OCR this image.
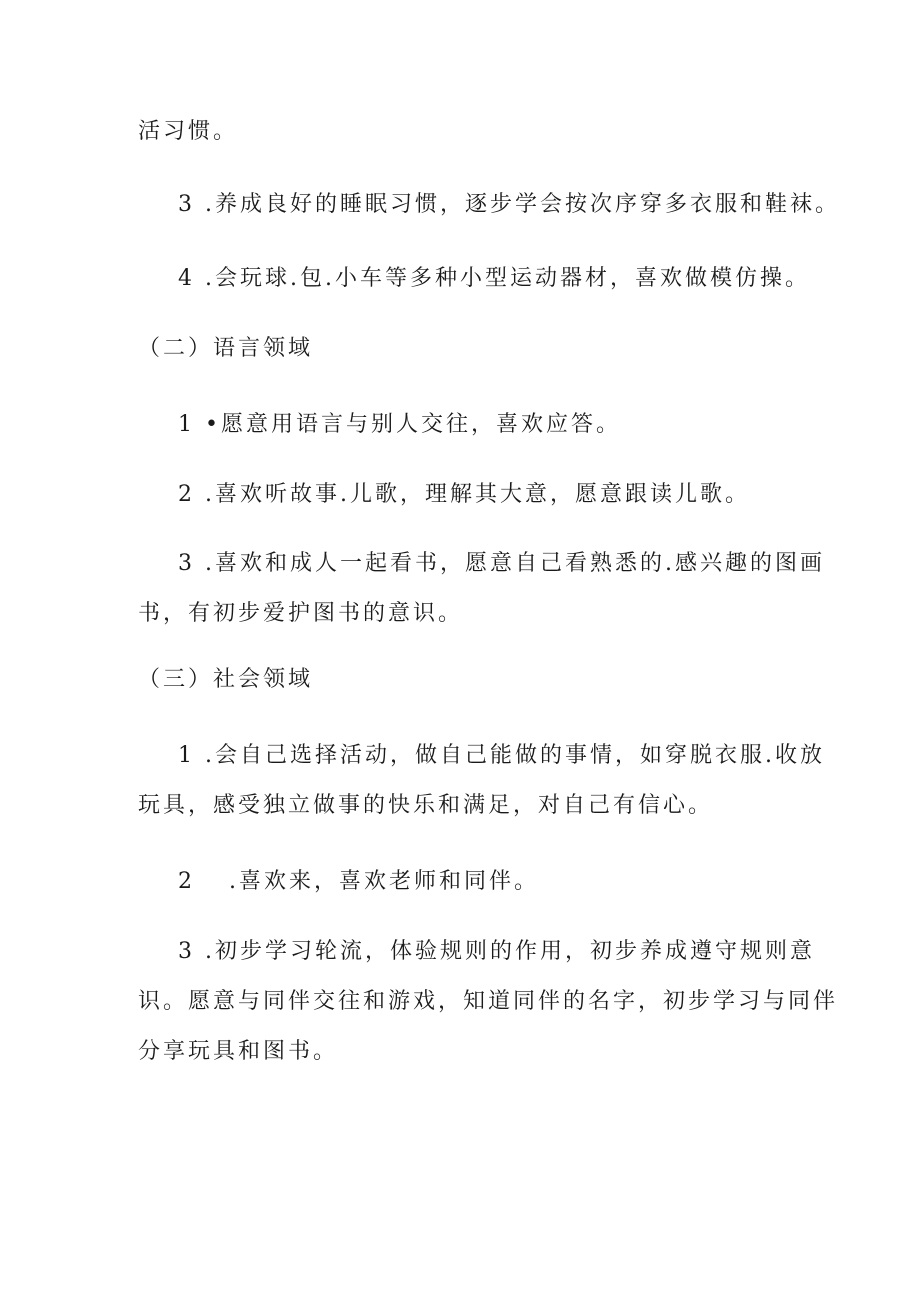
活习惯。
3 .养成良好的睡眠习惯，逐步学会按次序穿多衣服和鞋袜。
4 .会玩球.包.小车等多种小型运动器材，喜欢做模仿操。
（二）语言领域
1 •愿意用语言与别人交往，喜欢应答。
2 .喜欢听故事.儿歌，理解其大意，愿意跟读儿歌。
3 .喜欢和成人一起看书，愿意自己看熟悉的.感兴趣的图画
书，有初步爱护图书的意识。
（三）社会领域
1 .会自己选择活动，做自己能做的事情，如穿脱衣服.收放
玩具，感受独立做事的快乐和满足，对自己有信心。
2 .喜欢来，喜欢老师和同伴。
3 .初步学习轮流，体验规则的作用，初步养成遵守规则意
识。愿意与同伴交往和游戏，知道同伴的名字，初步学习与同伴
分享玩具和图书。
